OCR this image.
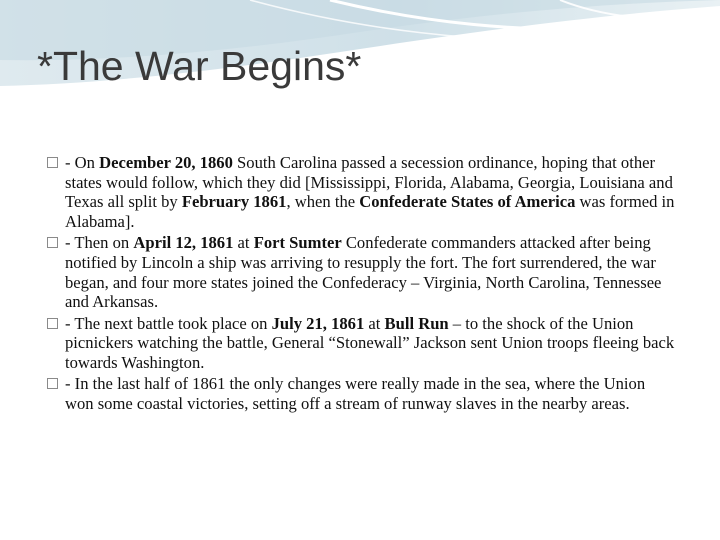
*The War Begins*
- On December 20, 1860 South Carolina passed a secession ordinance, hoping that other states would follow, which they did [Mississippi, Florida, Alabama, Georgia, Louisiana and Texas all split by February 1861, when the Confederate States of America was formed in Alabama].
- Then on April 12, 1861 at Fort Sumter Confederate commanders attacked after being notified by Lincoln a ship was arriving to resupply the fort. The fort surrendered, the war began, and four more states joined the Confederacy – Virginia, North Carolina, Tennessee and Arkansas.
- The next battle took place on July 21, 1861 at Bull Run – to the shock of the Union picnickers watching the battle, General “Stonewall” Jackson sent Union troops fleeing back towards Washington.
- In the last half of 1861 the only changes were really made in the sea, where the Union won some coastal victories, setting off a stream of runway slaves in the nearby areas.
